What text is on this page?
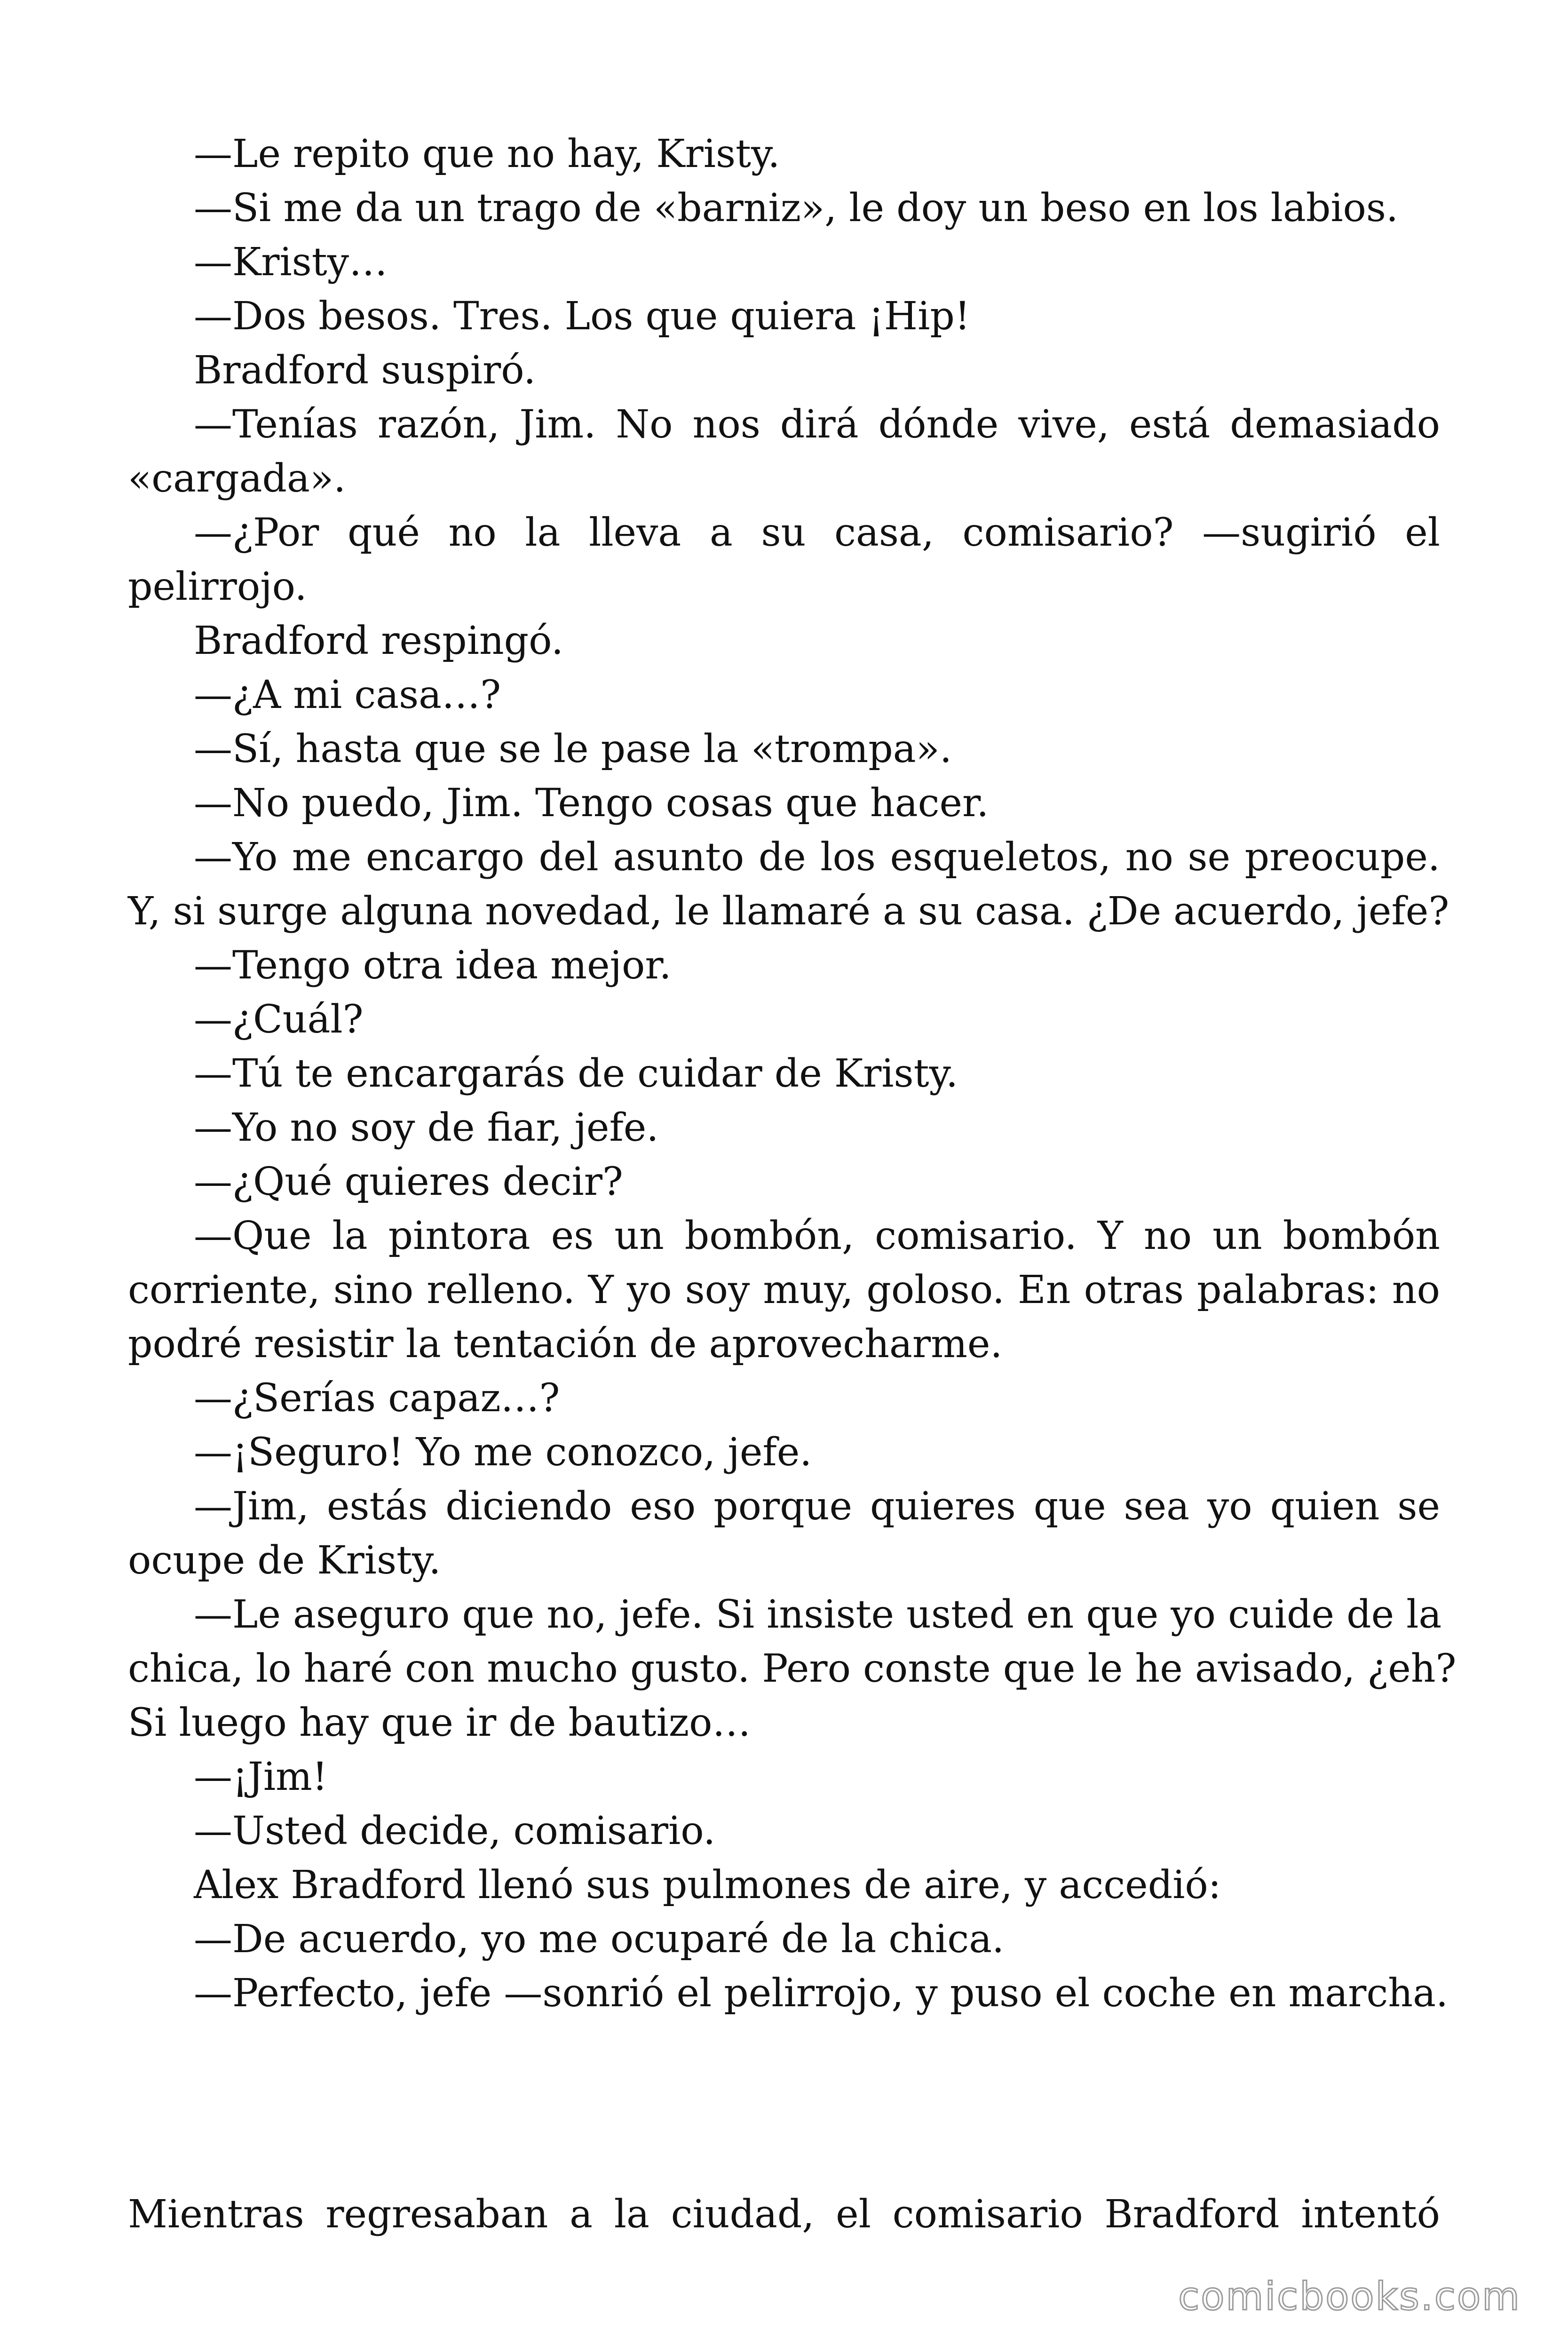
—Le repito que no hay, Kristy.
—Si me da un trago de «barniz», le doy un beso en los labios.
—Kristy…
—Dos besos. Tres. Los que quiera ¡Hip!
Bradford suspiró.
—Tenías razón, Jim. No nos dirá dónde vive, está demasiado
«cargada».
—¿Por qué no la lleva a su casa, comisario? —sugirió el
pelirrojo.
Bradford respingó.
—¿A mi casa…?
—Sí, hasta que se le pase la «trompa».
—No puedo, Jim. Tengo cosas que hacer.
—Yo me encargo del asunto de los esqueletos, no se preocupe.
Y, si surge alguna novedad, le llamaré a su casa. ¿De acuerdo, jefe?
—Tengo otra idea mejor.
—¿Cuál?
—Tú te encargarás de cuidar de Kristy.
—Yo no soy de fiar, jefe.
—¿Qué quieres decir?
—Que la pintora es un bombón, comisario. Y no un bombón
corriente, sino relleno. Y yo soy muy, goloso. En otras palabras: no
podré resistir la tentación de aprovecharme.
—¿Serías capaz…?
—¡Seguro! Yo me conozco, jefe.
—Jim, estás diciendo eso porque quieres que sea yo quien se
ocupe de Kristy.
—Le aseguro que no, jefe. Si insiste usted en que yo cuide de la
chica, lo haré con mucho gusto. Pero conste que le he avisado, ¿eh?
Si luego hay que ir de bautizo…
—¡Jim!
—Usted decide, comisario.
Alex Bradford llenó sus pulmones de aire, y accedió:
—De acuerdo, yo me ocuparé de la chica.
—Perfecto, jefe —sonrió el pelirrojo, y puso el coche en marcha.
Mientras regresaban a la ciudad, el comisario Bradford intentó
comicbooks.com
